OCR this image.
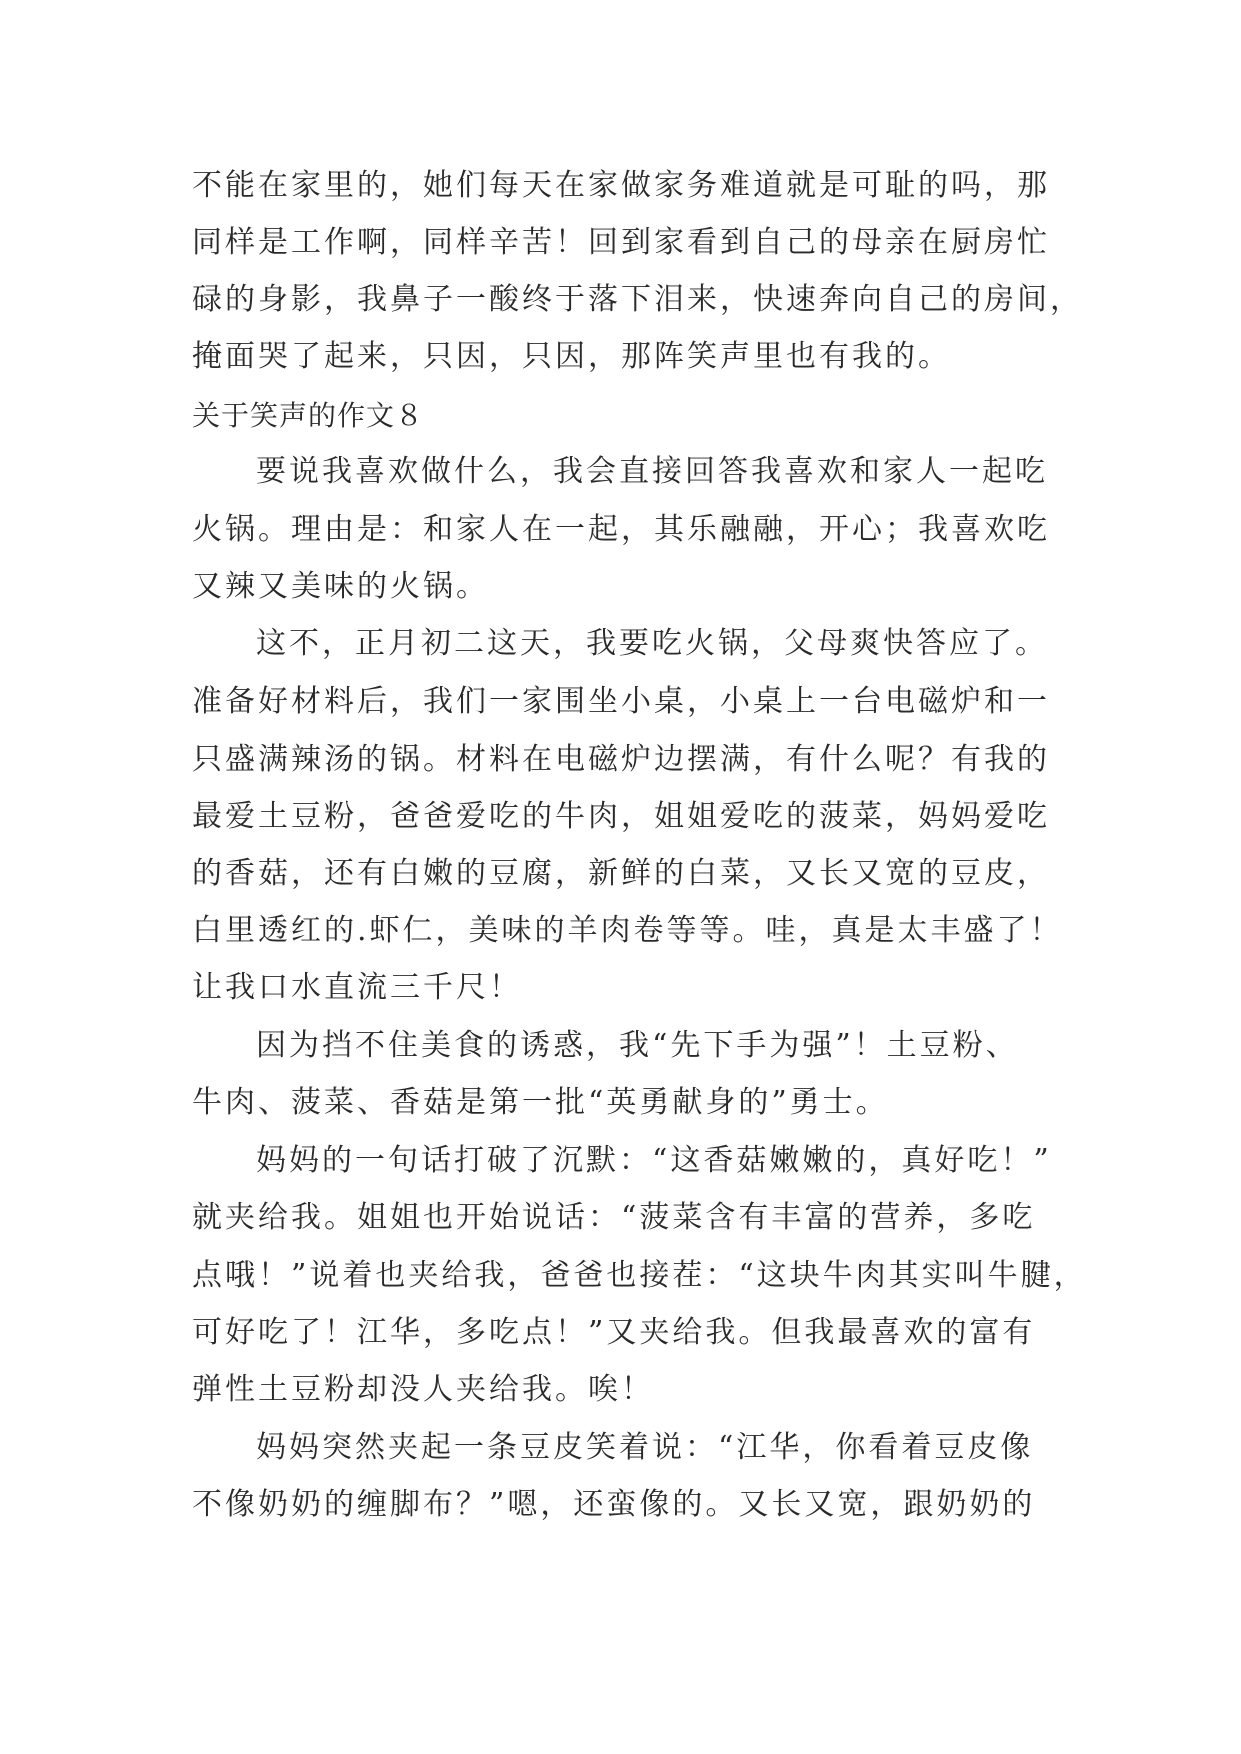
不能在家里的，她们每天在家做家务难道就是可耻的吗，那
同样是工作啊，同样辛苦！回到家看到自己的母亲在厨房忙
碌的身影，我鼻子一酸终于落下泪来，快速奔向自己的房间，
掩面哭了起来，只因，只因，那阵笑声里也有我的。
关于笑声的作文８
要说我喜欢做什么，我会直接回答我喜欢和家人一起吃
火锅。理由是：和家人在一起，其乐融融，开心；我喜欢吃
又辣又美味的火锅。
这不，正月初二这天，我要吃火锅，父母爽快答应了。
准备好材料后，我们一家围坐小桌，小桌上一台电磁炉和一
只盛满辣汤的锅。材料在电磁炉边摆满，有什么呢？有我的
最爱土豆粉，爸爸爱吃的牛肉，姐姐爱吃的菠菜，妈妈爱吃
的香菇，还有白嫩的豆腐，新鲜的白菜，又长又宽的豆皮，
白里透红的.虾仁，美味的羊肉卷等等。哇，真是太丰盛了！
让我口水直流三千尺！
因为挡不住美食的诱惑，我“先下手为强”！土豆粉、
牛肉、菠菜、香菇是第一批“英勇献身的”勇士。
妈妈的一句话打破了沉默：“这香菇嫩嫩的，真好吃！”
就夹给我。姐姐也开始说话：“菠菜含有丰富的营养，多吃
点哦！”说着也夹给我，爸爸也接茬：“这块牛肉其实叫牛腱，
可好吃了！江华，多吃点！”又夹给我。但我最喜欢的富有
弹性土豆粉却没人夹给我。唉！
妈妈突然夹起一条豆皮笑着说：“江华，你看着豆皮像
不像奶奶的缠脚布？”嗯，还蛮像的。又长又宽，跟奶奶的
